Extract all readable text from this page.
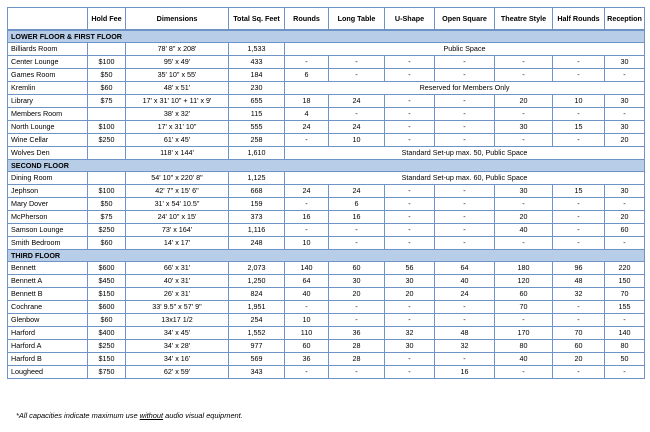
	Hold Fee	Dimensions	Total Sq. Feet	Rounds	Long Table	U-Shape	Open Square	Theatre Style	Half Rounds	Reception
LOWER FLOOR & FIRST FLOOR										
Billiards Room		78' 8" x 208'	1,533	Public Space						
Center Lounge	$100	95' x 49'	433	-	-	-	-	-	-	30
Games Room	$50	35' 10" x 55'	184	6	-	-	-	-	-	-
Kremlin	$60	48' x 51'	230	Reserved for Members Only						
Library	$75	17' x 31' 10" + 11' x 9'	655	18	24	-	-	20	10	30
Members Room		38' x 32'	115	4	-	-	-	-	-	-
North Lounge	$100	17' x 31' 10"	555	24	24	-	-	30	15	30
Wine Cellar	$250	61' x 45'	258	-	10	-	-	-	-	20
Wolves Den		118' x 144'	1,610	Standard Set-up max. 50, Public Space						
SECOND FLOOR										
Dining Room		54' 10" x 220' 8"	1,125	Standard Set-up max. 60, Public Space						
Jephson	$100	42' 7" x 15' 6"	668	24	24	-	-	30	15	30
Mary Dover	$50	31' x 54' 10.5"	159	-	6	-	-	-	-	-
McPherson	$75	24' 10" x 15'	373	16	16	-	-	20	-	20
Samson Lounge	$250	73' x 164'	1,116	-	-	-	-	40	-	60
Smith Bedroom	$60	14' x 17'	248	10	-	-	-	-	-	-
THIRD FLOOR										
Bennett	$600	66' x 31'	2,073	140	60	56	64	180	96	220
Bennett A	$450	40' x 31'	1,250	64	30	30	40	120	48	150
Bennett B	$150	26' x 31'	824	40	20	20	24	60	32	70
Cochrane	$600	33' 9.5" x 57' 9"	1,951	-	-	-	-	70	-	155
Glenbow	$60	13x17 1/2	254	10	-	-	-	-	-	-
Harford	$400	34' x 45'	1,552	110	36	32	48	170	70	140
Harford A	$250	34' x 28'	977	60	28	30	32	80	60	80
Harford B	$150	34' x 16'	569	36	28	-	-	40	20	50
Lougheed	$750	62' x 59'	343	-	-	-	16	-	-	-
*All capacities indicate maximum use without audio visual equipment.
